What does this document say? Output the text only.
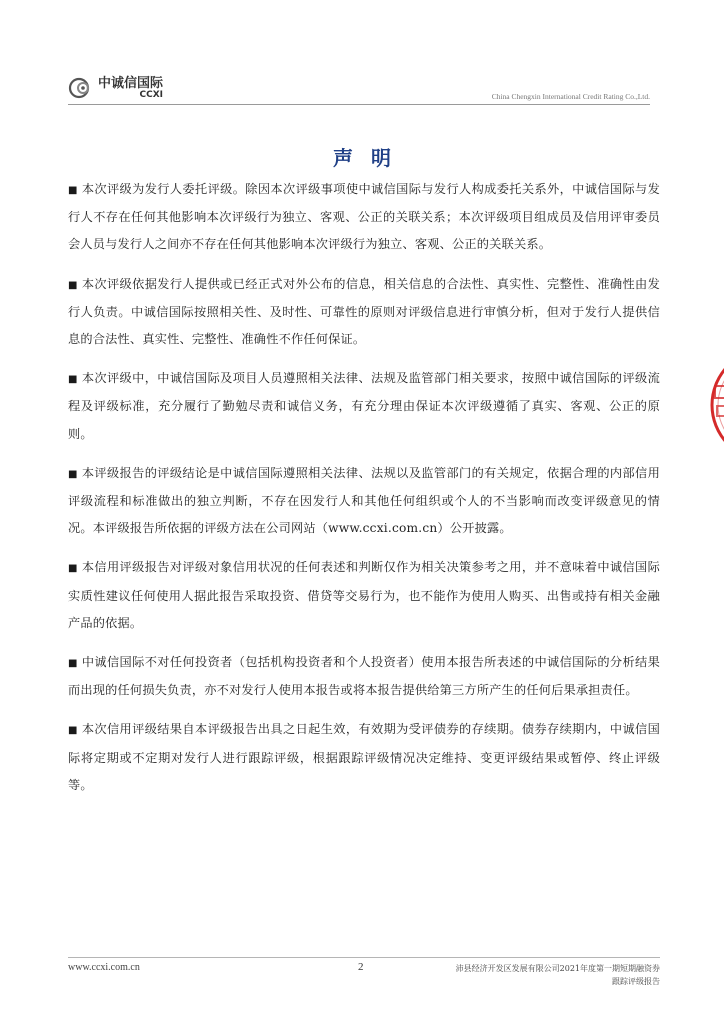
中诚信国际
CCXI	China Chengxin International Credit Rating Co.,Ltd.
声明

■ 本次评级为发行人委托评级。除因本次评级事项使中诚信国际与发行人构成委托关系外，中诚信国际与发行人不存在任何其他影响本次评级行为独立、客观、公正的关联关系；本次评级项目组成员及信用评审委员会人员与发行人之间亦不存在任何其他影响本次评级行为独立、客观、公正的关联关系。

■ 本次评级依据发行人提供或已经正式对外公布的信息，相关信息的合法性、真实性、完整性、准确性由发行人负责。中诚信国际按照相关性、及时性、可靠性的原则对评级信息进行审慎分析，但对于发行人提供信息的合法性、真实性、完整性、准确性不作任何保证。

■ 本次评级中，中诚信国际及项目人员遵照相关法律、法规及监管部门相关要求，按照中诚信国际的评级流程及评级标准，充分履行了勤勉尽责和诚信义务，有充分理由保证本次评级遵循了真实、客观、公正的原则。

■ 本评级报告的评级结论是中诚信国际遵照相关法律、法规以及监管部门的有关规定，依据合理的内部信用评级流程和标准做出的独立判断，不存在因发行人和其他任何组织或个人的不当影响而改变评级意见的情况。本评级报告所依据的评级方法在公司网站（www.ccxi.com.cn）公开披露。

■ 本信用评级报告对评级对象信用状况的任何表述和判断仅作为相关决策参考之用，并不意味着中诚信国际实质性建议任何使用人据此报告采取投资、借贷等交易行为，也不能作为使用人购买、出售或持有相关金融产品的依据。

■ 中诚信国际不对任何投资者（包括机构投资者和个人投资者）使用本报告所表述的中诚信国际的分析结果而出现的任何损失负责，亦不对发行人使用本报告或将本报告提供给第三方所产生的任何后果承担责任。

■ 本次信用评级结果自本评级报告出具之日起生效，有效期为受评债券的存续期。债券存续期内，中诚信国际将定期或不定期对发行人进行跟踪评级，根据跟踪评级情况决定维持、变更评级结果或暂停、终止评级等。

www.ccxi.com.cn	2	沛县经济开发区发展有限公司2021年度第一期短期融资券
跟踪评级报告
